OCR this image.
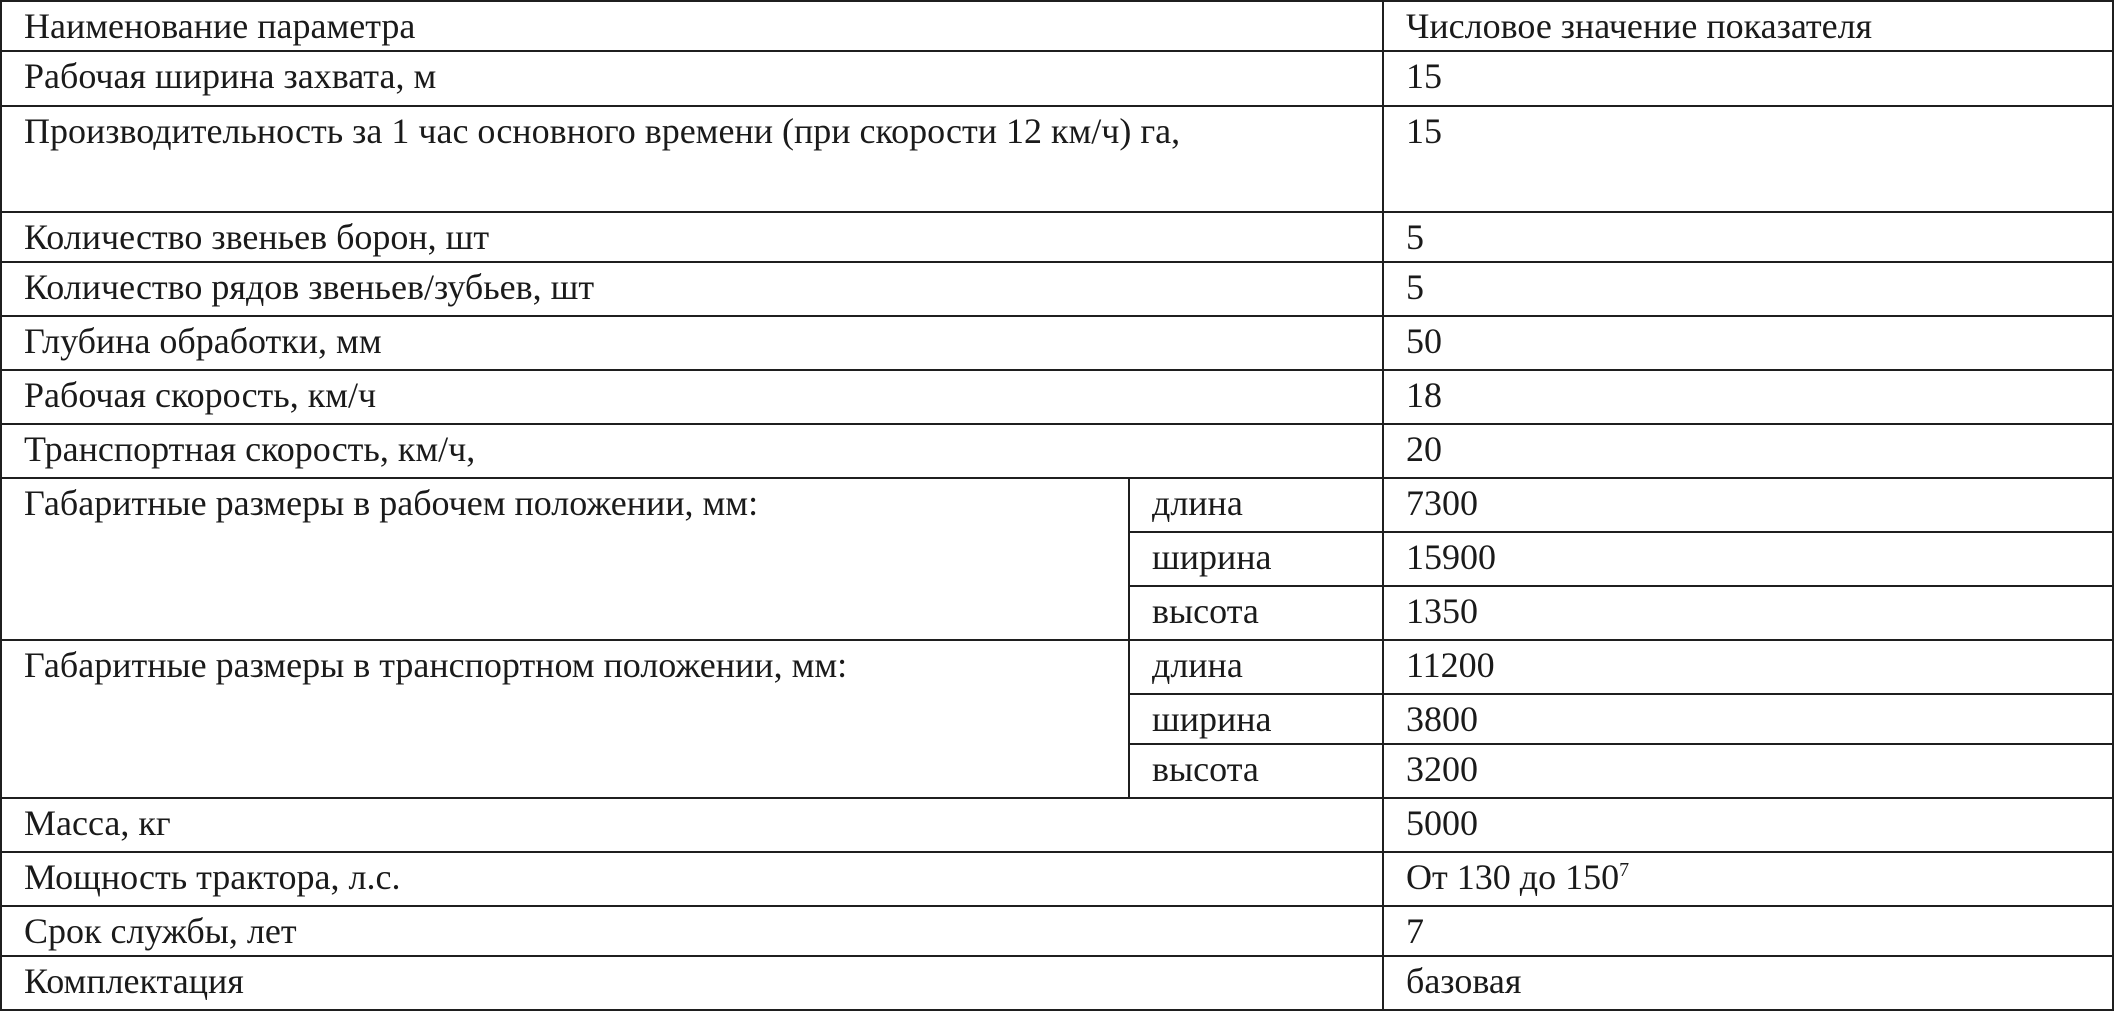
Наименование параметра		Числовое значение показателя
Рабочая ширина захвата, м		15
Производительность за 1 час основного времени (при скорости 12 км/ч) га,		15
Количество звеньев борон, шт		5
Количество рядов звеньев/зубьев, шт		5
Глубина обработки, мм		50
Рабочая скорость, км/ч		18
Транспортная скорость, км/ч,		20
Габаритные размеры в рабочем положении, мм:	длина	7300
	ширина	15900
	высота	1350
Габаритные размеры в транспортном положении, мм:	длина	11200
	ширина	3800
	высота	3200
Масса, кг		5000
Мощность трактора, л.с.		От 130 до $150^7$
Срок службы, лет		7
Комплектация		базовая
